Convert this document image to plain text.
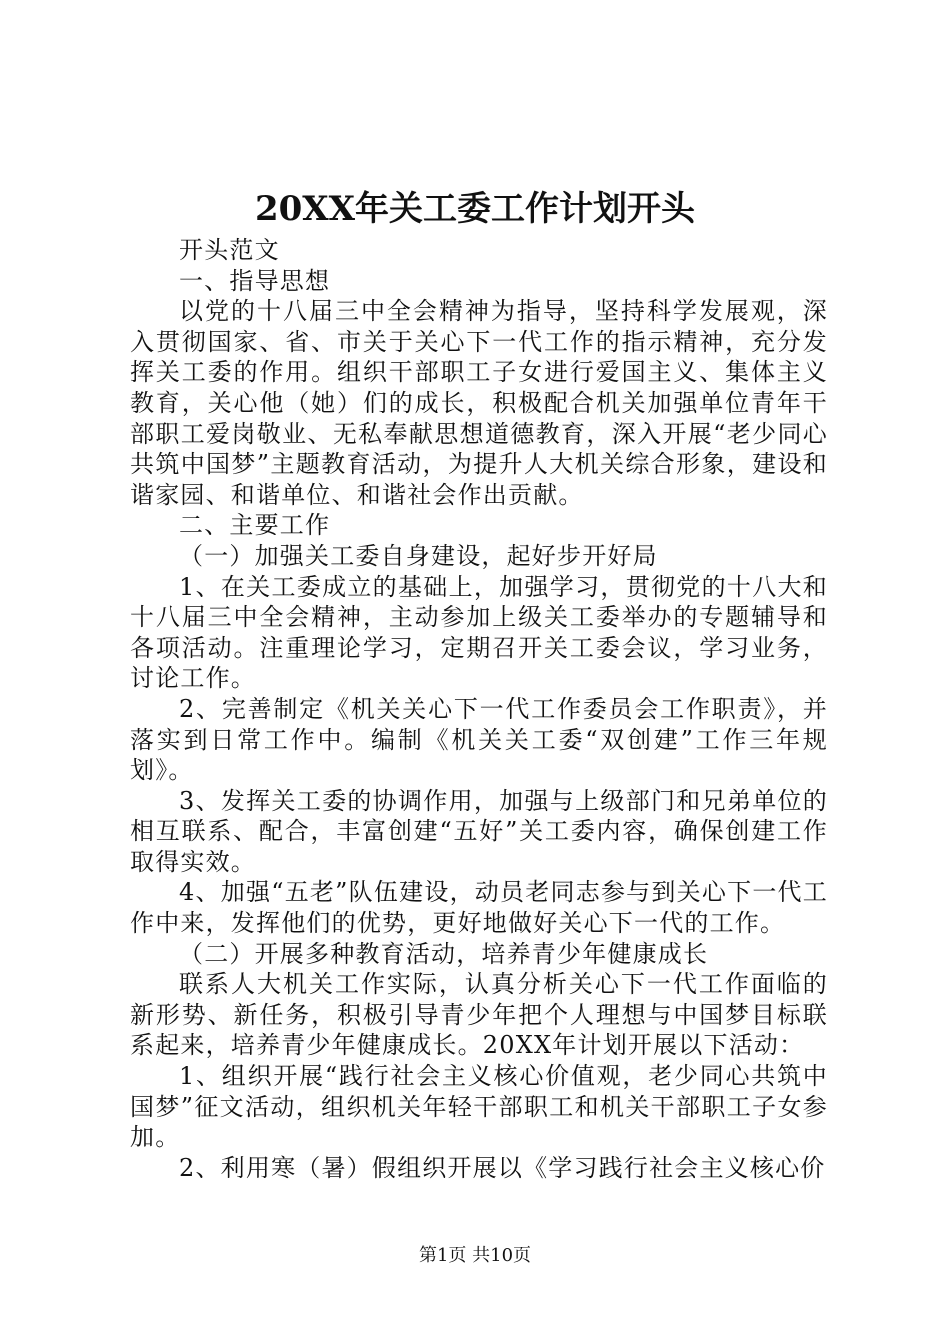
20XX年关工委工作计划开头

开头范文

一、指导思想

以党的十八届三中全会精神为指导，坚持科学发展观，深入贯彻国家、省、市关于关心下一代工作的指示精神，充分发挥关工委的作用。组织干部职工子女进行爱国主义、集体主义教育，关心他（她）们的成长，积极配合机关加强单位青年干部职工爱岗敬业、无私奉献思想道德教育，深入开展“老少同心共筑中国梦”主题教育活动，为提升人大机关综合形象，建设和谐家园、和谐单位、和谐社会作出贡献。

二、主要工作

（一）加强关工委自身建设，起好步开好局

1、在关工委成立的基础上，加强学习，贯彻党的十八大和十八届三中全会精神，主动参加上级关工委举办的专题辅导和各项活动。注重理论学习，定期召开关工委会议，学习业务，讨论工作。

2、完善制定《机关关心下一代工作委员会工作职责》，并落实到日常工作中。编制《机关关工委“双创建”工作三年规划》。

3、发挥关工委的协调作用，加强与上级部门和兄弟单位的相互联系、配合，丰富创建“五好”关工委内容，确保创建工作取得实效。

4、加强“五老”队伍建设，动员老同志参与到关心下一代工作中来，发挥他们的优势，更好地做好关心下一代的工作。

（二）开展多种教育活动，培养青少年健康成长

联系人大机关工作实际，认真分析关心下一代工作面临的新形势、新任务，积极引导青少年把个人理想与中国梦目标联系起来，培养青少年健康成长。20XX年计划开展以下活动：

1、组织开展“践行社会主义核心价值观，老少同心共筑中国梦”征文活动，组织机关年轻干部职工和机关干部职工子女参加。

2、利用寒（暑）假组织开展以《学习践行社会主义核心价

第1页 共10页
